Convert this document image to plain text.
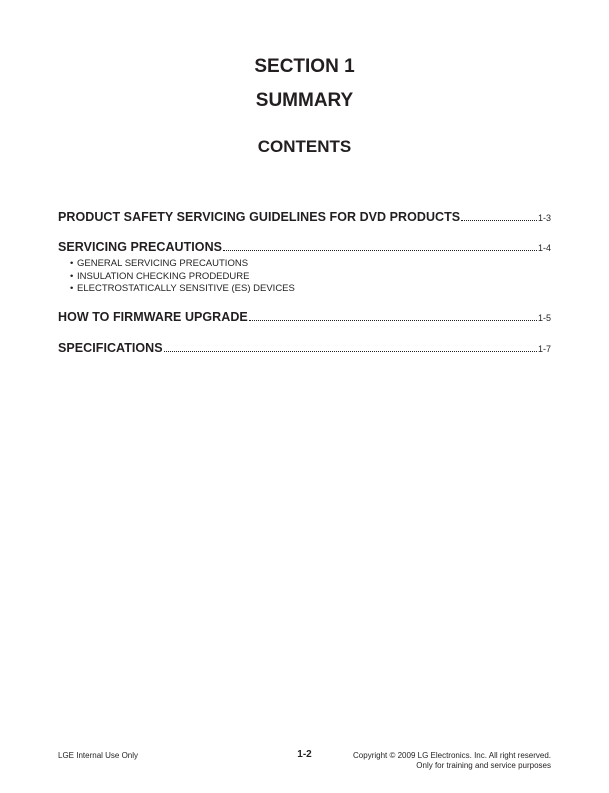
SECTION 1
SUMMARY
CONTENTS
PRODUCT SAFETY SERVICING GUIDELINES FOR DVD PRODUCTS	1-3
SERVICING PRECAUTIONS	1-4
• GENERAL SERVICING PRECAUTIONS
• INSULATION CHECKING PRODEDURE
• ELECTROSTATICALLY SENSITIVE (ES) DEVICES
HOW TO FIRMWARE UPGRADE	1-5
SPECIFICATIONS	1-7
LGE Internal Use Only	1-2	Copyright © 2009 LG Electronics. Inc. All right reserved.
Only for training and service purposes
